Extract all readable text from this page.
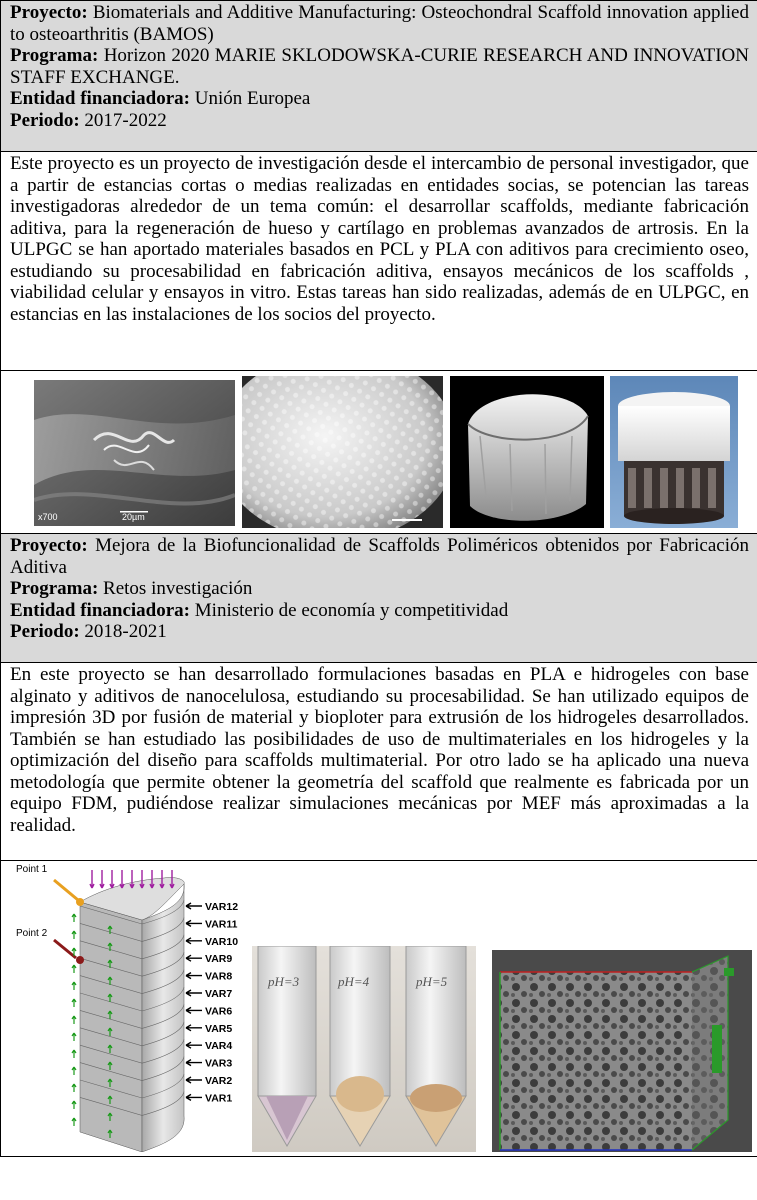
Proyecto: Biomaterials and Additive Manufacturing: Osteochondral Scaffold innovation applied to osteoarthritis (BAMOS)
Programa: Horizon 2020 MARIE SKLODOWSKA-CURIE RESEARCH AND INNOVATION STAFF EXCHANGE.
Entidad financiadora: Unión Europea
Periodo: 2017-2022

Este proyecto es un proyecto de investigación desde el intercambio de personal investigador, que a partir de estancias cortas o medias realizadas en entidades socias, se potencian las tareas investigadoras alrededor de un tema común: el desarrollar scaffolds, mediante fabricación aditiva, para la regeneración de hueso y cartílago en problemas avanzados de artrosis. En la ULPGC se han aportado materiales basados en PCL y PLA con aditivos para crecimiento oseo, estudiando su procesabilidad en fabricación aditiva, ensayos mecánicos de los scaffolds , viabilidad celular y ensayos in vitro. Estas tareas han sido realizadas, además de en ULPGC, en estancias en las instalaciones de los socios del proyecto.

x700	20µm

Proyecto: Mejora de la Biofuncionalidad de Scaffolds Poliméricos obtenidos por Fabricación Aditiva
Programa: Retos investigación
Entidad financiadora: Ministerio de economía y competitividad
Periodo: 2018-2021

En este proyecto se han desarrollado formulaciones basadas en PLA e hidrogeles con base alginato y aditivos de nanocelulosa, estudiando su procesabilidad. Se han utilizado equipos de impresión 3D por fusión de material y bioploter para extrusión de los hidrogeles desarrollados. También se han estudiado las posibilidades de uso de multimateriales en los hidrogeles y la optimización del diseño para scaffolds multimaterial. Por otro lado se ha aplicado una nueva metodología que permite obtener la geometría del scaffold que realmente es fabricada por un equipo FDM, pudiéndose realizar simulaciones mecánicas por MEF más aproximadas a la realidad.

Point 1
Point 2
VAR12
VAR11
VAR10
VAR9
VAR8
VAR7
VAR6
VAR5
VAR4
VAR3
VAR2
VAR1
pH=3	pH=4	pH=5
